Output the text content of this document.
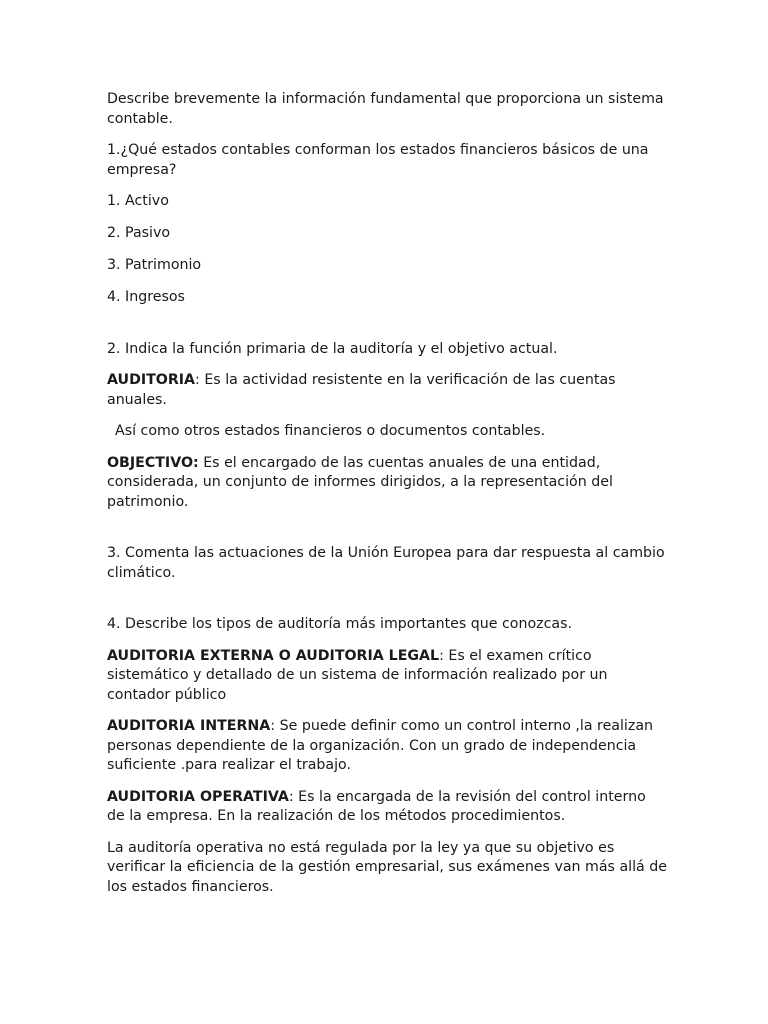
Describe brevemente la información fundamental que proporciona un sistema contable.

1.¿Qué estados contables conforman los estados financieros básicos de una empresa?

1. Activo

2. Pasivo

3. Patrimonio

4. Ingresos

2. Indica la función primaria de la auditoría y el objetivo actual.

AUDITORIA: Es la actividad resistente en la verificación de las cuentas anuales.

Así como otros estados financieros o documentos contables.

OBJECTIVO: Es el encargado de las cuentas anuales de una entidad, considerada, un conjunto de informes dirigidos, a la representación del patrimonio.

3. Comenta las actuaciones de la Unión Europea para dar respuesta al cambio climático.

4. Describe los tipos de auditoría más importantes que conozcas.

AUDITORIA EXTERNA O AUDITORIA LEGAL: Es el examen crítico sistemático y detallado de un sistema de información realizado por un contador público

AUDITORIA INTERNA: Se puede definir como un control interno ,la realizan personas dependiente de la organización. Con un grado de independencia suficiente .para realizar el trabajo.

AUDITORIA OPERATIVA: Es la encargada de la revisión del control interno de la empresa. En la realización de los métodos procedimientos.

La auditoría operativa no está regulada por la ley ya que su objetivo es verificar la eficiencia de la gestión empresarial, sus exámenes van más allá de los estados financieros.
